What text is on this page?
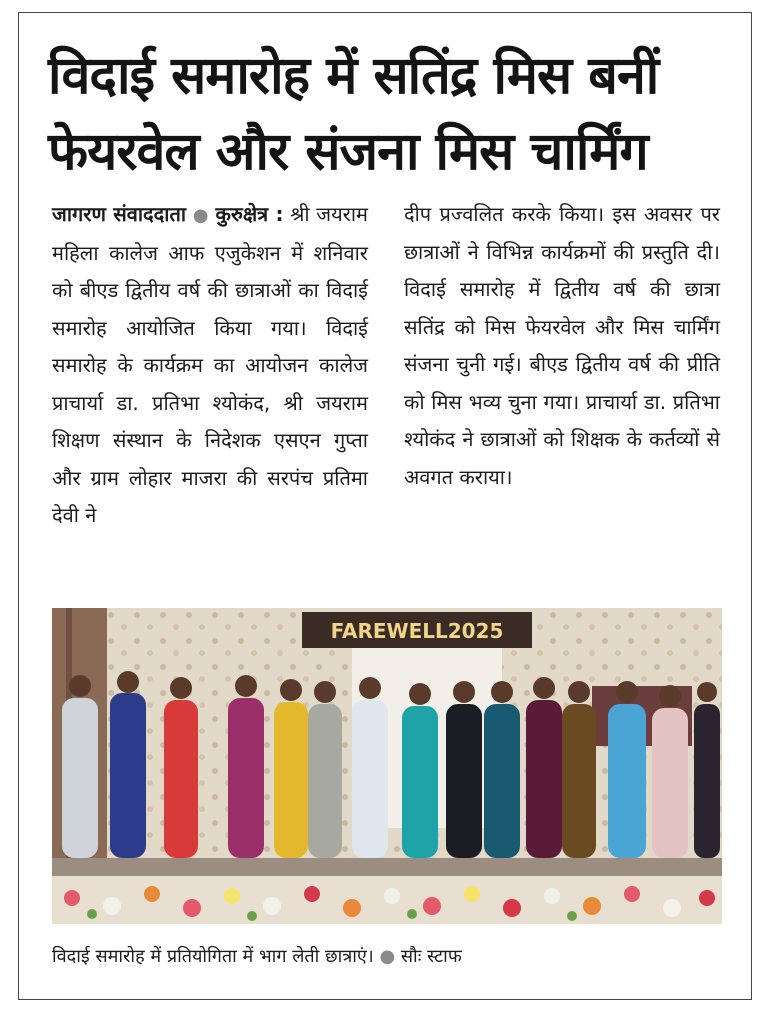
विदाई समारोह में सतिंद्र मिस बनीं
फेयरवेल और संजना मिस चार्मिंग

जागरण संवाददाता ● कुरुक्षेत्र : श्री जयराम महिला कालेज आफ एजुकेशन में शनिवार को बीएड द्वितीय वर्ष की छात्राओं का विदाई समारोह आयोजित किया गया। विदाई समारोह के कार्यक्रम का आयोजन कालेज प्राचार्या डा. प्रतिभा श्योकंद, श्री जयराम शिक्षण संस्थान के निदेशक एसएन गुप्ता और ग्राम लोहार माजरा की सरपंच प्रतिमा देवी ने

दीप प्रज्वलित करके किया। इस अवसर पर छात्राओं ने विभिन्न कार्यक्रमों की प्रस्तुति दी। विदाई समारोह में द्वितीय वर्ष की छात्रा सतिंद्र को मिस फेयरवेल और मिस चार्मिंग संजना चुनी गई। बीएड द्वितीय वर्ष की प्रीति को मिस भव्य चुना गया। प्राचार्या डा. प्रतिभा श्योकंद ने छात्राओं को शिक्षक के कर्तव्यों से अवगत कराया।

FAREWELL2025

विदाई समारोह में प्रतियोगिता में भाग लेती छात्राएं। ● सौः स्टाफ
